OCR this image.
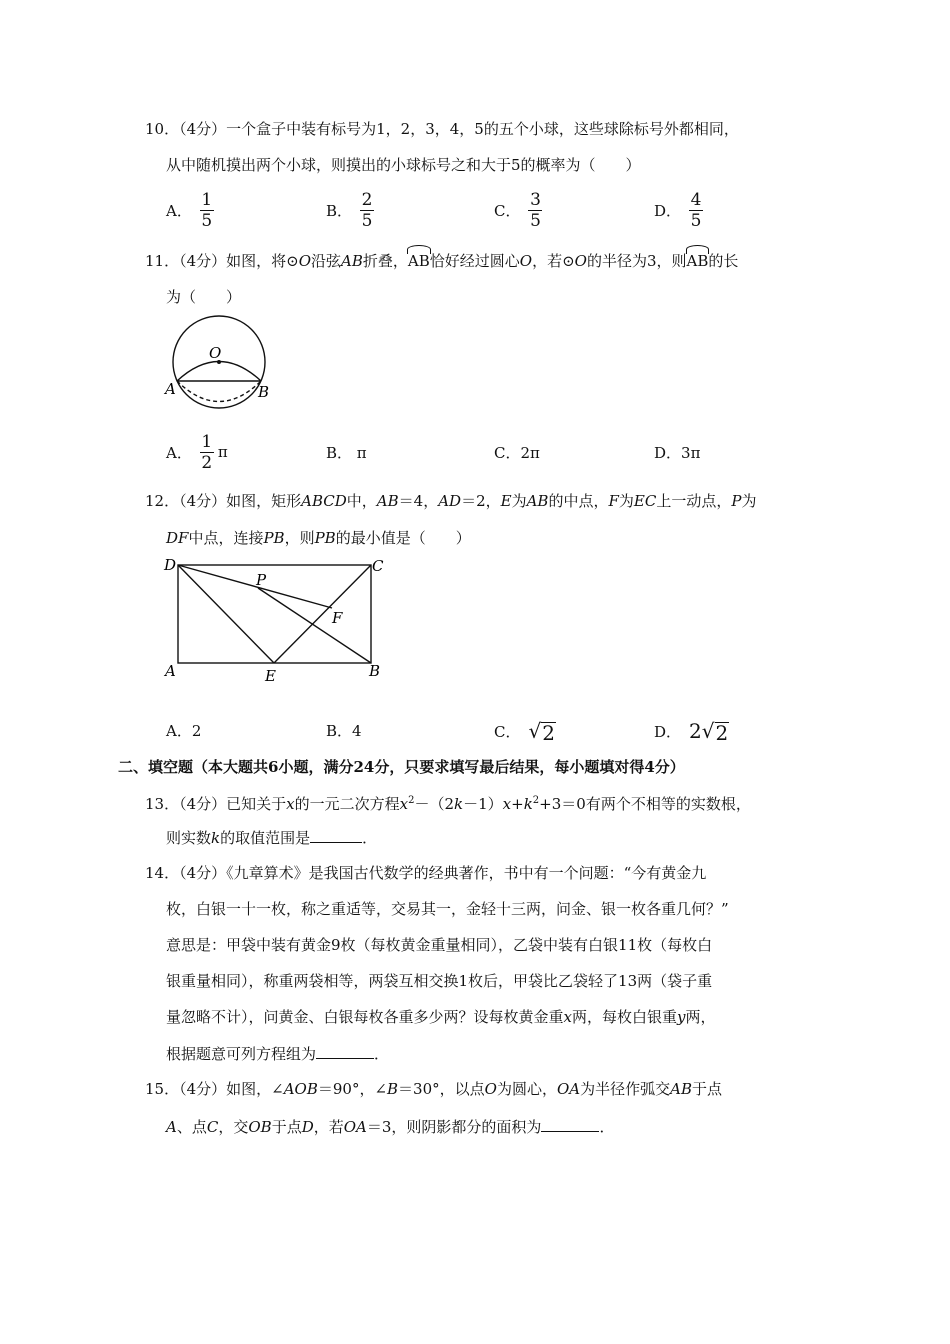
10．（4分）一个盒子中装有标号为1，2，3，4，5的五个小球，这些球除标号外都相同，
从中随机摸出两个小球，则摸出的小球标号之和大于5的概率为（　　）
A． $\frac{1}{5}$	B． $\frac{2}{5}$	C． $\frac{3}{5}$	D． $\frac{4}{5}$
11．（4分）如图，将⊙O沿弦AB折叠，AB恰好经过圆心O，若⊙O的半径为3，则AB的长
为（　　）
O
A	B
A． $\frac{1}{2}$ π	B． π	C．2π	D．3π
12．（4分）如图，矩形ABCD中，AB＝4，AD＝2，E为AB的中点，F为EC上一动点，P为
DF中点，连接PB，则PB的最小值是（　　）
D	C
P
F
A	E	B
A．2	B．4	C． √ 2	D． 2 √ 2
二、填空题（本大题共6小题，满分24分，只要求填写最后结果，每小题填对得4分）
13．（4分）已知关于x的一元二次方程$x^2-(2k-1)x+k^2+3=0$有两个不相等的实数根，
则实数k的取值范围是	．
14．（4分）《九章算术》是我国古代数学的经典著作，书中有一个问题：“今有黄金九
枚，白银一十一枚，称之重适等，交易其一，金轻十三两，问金、银一枚各重几何？”
意思是：甲袋中装有黄金9枚（每枚黄金重量相同），乙袋中装有白银11枚（每枚白
银重量相同），称重两袋相等，两袋互相交换1枚后，甲袋比乙袋轻了13两（袋子重
量忽略不计），问黄金、白银每枚各重多少两？设每枚黄金重x两，每枚白银重y两，
根据题意可列方程组为	．
15．（4分）如图，∠AOB＝90°，∠B＝30°，以点O为圆心，OA为半径作弧交AB于点
A、点C，交OB于点D，若OA＝3，则阴影都分的面积为	．
